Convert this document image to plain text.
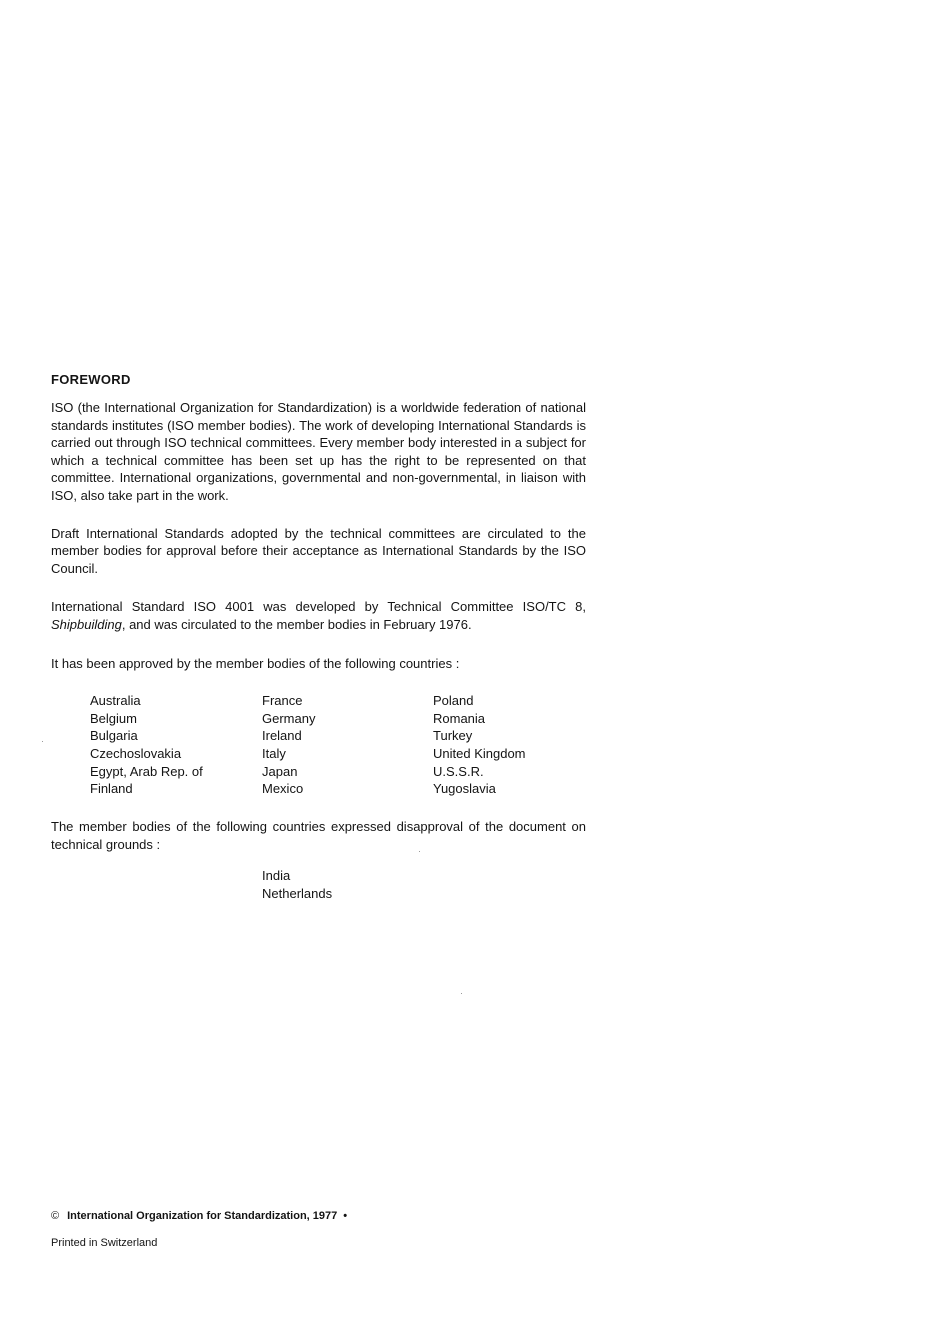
FOREWORD

ISO (the International Organization for Standardization) is a worldwide federation of national standards institutes (ISO member bodies). The work of developing International Standards is carried out through ISO technical committees. Every member body interested in a subject for which a technical committee has been set up has the right to be represented on that committee. International organizations, governmental and non-governmental, in liaison with ISO, also take part in the work.

Draft International Standards adopted by the technical committees are circulated to the member bodies for approval before their acceptance as International Standards by the ISO Council.

International Standard ISO 4001 was developed by Technical Committee ISO/TC 8, Shipbuilding, and was circulated to the member bodies in February 1976.

It has been approved by the member bodies of the following countries :

Australia
Belgium
Bulgaria
Czechoslovakia
Egypt, Arab Rep. of
Finland
France
Germany
Ireland
Italy
Japan
Mexico
Poland
Romania
Turkey
United Kingdom
U.S.S.R.
Yugoslavia

The member bodies of the following countries expressed disapproval of the document on technical grounds :

India
Netherlands

© International Organization for Standardization, 1977 •

Printed in Switzerland
